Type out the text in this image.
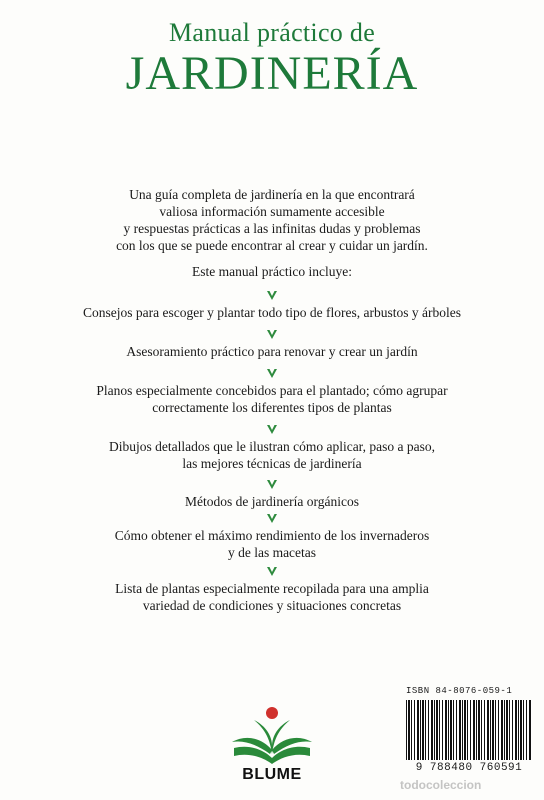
Manual práctico de
JARDINERÍA
Una guía completa de jardinería en la que encontrará
valiosa información sumamente accesible
y respuestas prácticas a las infinitas dudas y problemas
con los que se puede encontrar al crear y cuidar un jardín.
Este manual práctico incluye:
Consejos para escoger y plantar todo tipo de flores, arbustos y árboles
Asesoramiento práctico para renovar y crear un jardín
Planos especialmente concebidos para el plantado; cómo agrupar
correctamente los diferentes tipos de plantas
Dibujos detallados que le ilustran cómo aplicar, paso a paso,
las mejores técnicas de jardinería
Métodos de jardinería orgánicos
Cómo obtener el máximo rendimiento de los invernaderos
y de las macetas
Lista de plantas especialmente recopilada para una amplia
variedad de condiciones y situaciones concretas
BLUME
ISBN 84-8076-059-1
9 788480 760591
todocoleccion
